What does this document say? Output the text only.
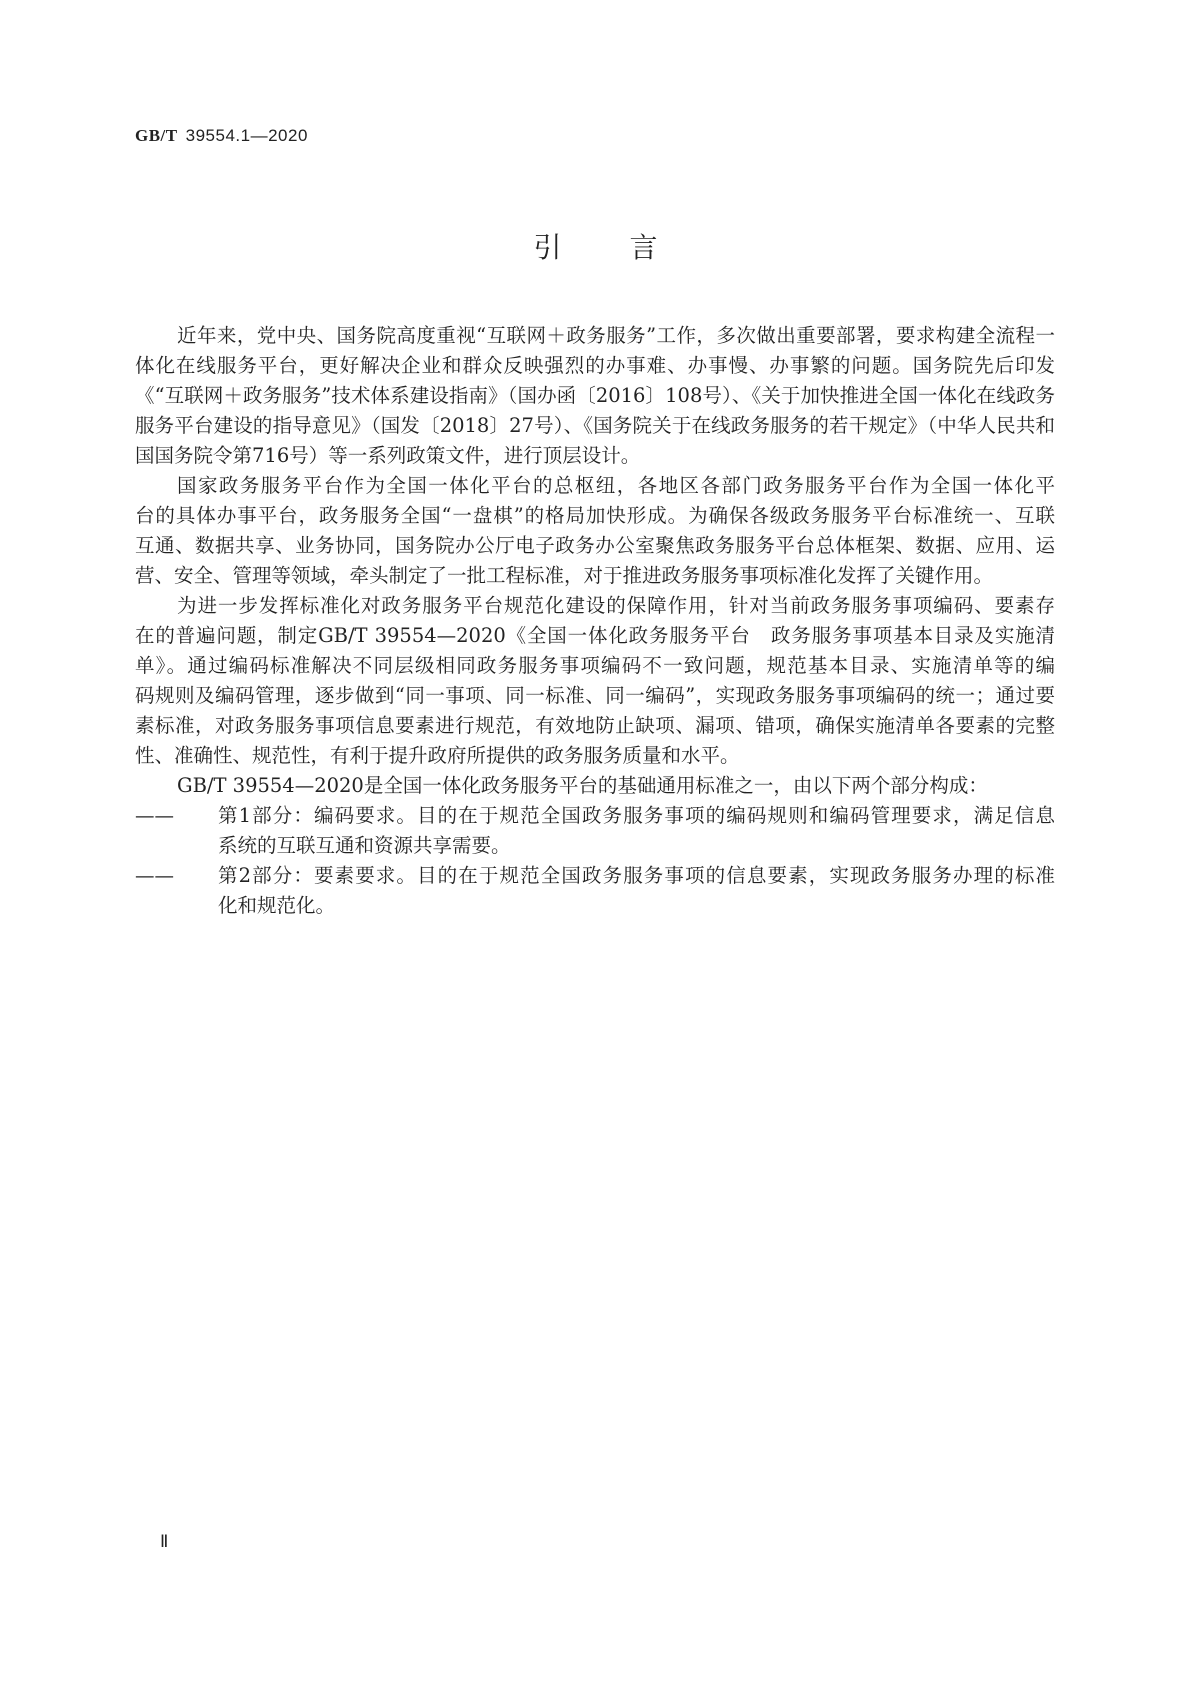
GB/T 39554.1—2020
引 言
近年来，党中央、国务院高度重视“互联网＋政务服务”工作，多次做出重要部署，要求构建全流程一
体化在线服务平台，更好解决企业和群众反映强烈的办事难、办事慢、办事繁的问题。国务院先后印发
《“互联网＋政务服务”技术体系建设指南》（国办函〔2016〕108号）、《关于加快推进全国一体化在线政务
服务平台建设的指导意见》（国发〔2018〕27号）、《国务院关于在线政务服务的若干规定》（中华人民共和
国国务院令第716号）等一系列政策文件，进行顶层设计。
国家政务服务平台作为全国一体化平台的总枢纽，各地区各部门政务服务平台作为全国一体化平
台的具体办事平台，政务服务全国“一盘棋”的格局加快形成。为确保各级政务服务平台标准统一、互联
互通、数据共享、业务协同，国务院办公厅电子政务办公室聚焦政务服务平台总体框架、数据、应用、运
营、安全、管理等领域，牵头制定了一批工程标准，对于推进政务服务事项标准化发挥了关键作用。
为进一步发挥标准化对政务服务平台规范化建设的保障作用，针对当前政务服务事项编码、要素存
在的普遍问题，制定GB/T 39554—2020《全国一体化政务服务平台　政务服务事项基本目录及实施清
单》。通过编码标准解决不同层级相同政务服务事项编码不一致问题，规范基本目录、实施清单等的编
码规则及编码管理，逐步做到“同一事项、同一标准、同一编码”，实现政务服务事项编码的统一；通过要
素标准，对政务服务事项信息要素进行规范，有效地防止缺项、漏项、错项，确保实施清单各要素的完整
性、准确性、规范性，有利于提升政府所提供的政务服务质量和水平。
GB/T 39554—2020是全国一体化政务服务平台的基础通用标准之一，由以下两个部分构成：
——	第1部分：编码要求。目的在于规范全国政务服务事项的编码规则和编码管理要求，满足信息
系统的互联互通和资源共享需要。
——	第2部分：要素要求。目的在于规范全国政务服务事项的信息要素，实现政务服务办理的标准
化和规范化。
Ⅱ
